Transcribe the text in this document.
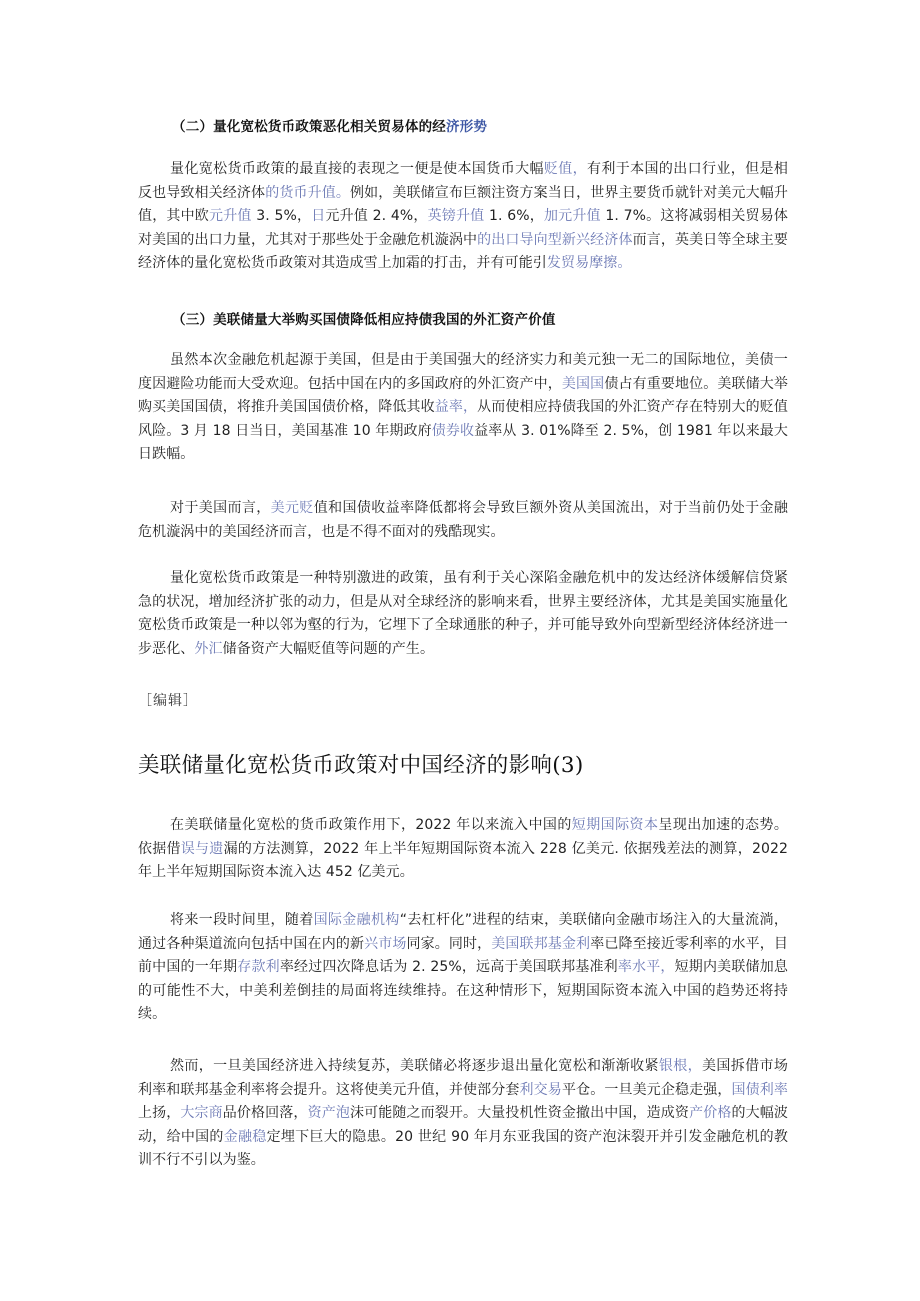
（二）量化宽松货币政策恶化相关贸易体的经济形势
量化宽松货币政策的最直接的表现之一便是使本国货币大幅贬值，有利于本国的出口行业，但是相反也导致相关经济体的货币升值。例如，美联储宣布巨额注资方案当日，世界主要货币就针对美元大幅升值，其中欧元升值 3. 5%，日元升值 2. 4%，英镑升值 1. 6%，加元升值 1. 7%。这将减弱相关贸易体对美国的出口力量，尤其对于那些处于金融危机漩涡中的出口导向型新兴经济体而言，英美日等全球主要经济体的量化宽松货币政策对其造成雪上加霜的打击，并有可能引发贸易摩擦。
（三）美联储量大举购买国债降低相应持债我国的外汇资产价值
虽然本次金融危机起源于美国，但是由于美国强大的经济实力和美元独一无二的国际地位，美债一度因避险功能而大受欢迎。包括中国在内的多国政府的外汇资产中，美国国债占有重要地位。美联储大举购买美国国债，将推升美国国债价格，降低其收益率，从而使相应持债我国的外汇资产存在特别大的贬值风险。3 月 18 日当日，美国基准 10 年期政府债券收益率从 3. 01%降至 2. 5%，创 1981 年以来最大日跌幅。
对于美国而言，美元贬值和国债收益率降低都将会导致巨额外资从美国流出，对于当前仍处于金融危机漩涡中的美国经济而言，也是不得不面对的残酷现实。
量化宽松货币政策是一种特别激进的政策，虽有利于关心深陷金融危机中的发达经济体缓解信贷紧急的状况，增加经济扩张的动力，但是从对全球经济的影响来看，世界主要经济体，尤其是美国实施量化宽松货币政策是一种以邻为壑的行为，它埋下了全球通胀的种子，并可能导致外向型新型经济体经济进一步恶化、外汇储备资产大幅贬值等问题的产生。
［编辑］
美联储量化宽松货币政策对中国经济的影响(3)
在美联储量化宽松的货币政策作用下，2022 年以来流入中国的短期国际资本呈现出加速的态势。依据借误与遗漏的方法测算，2022 年上半年短期国际资本流入 228 亿美元. 依据残差法的测算，2022 年上半年短期国际资本流入达 452 亿美元。
将来一段时间里，随着国际金融机构“去杠杆化”进程的结束，美联储向金融市场注入的大量流淌，通过各种渠道流向包括中国在内的新兴市场同家。同时，美国联邦基金利率已降至接近零利率的水平，目前中国的一年期存款利率经过四次降息话为 2. 25%，远高于美国联邦基准利率水平，短期内美联储加息的可能性不大，中美利差倒挂的局面将连续维持。在这种情形下，短期国际资本流入中国的趋势还将持续。
然而，一旦美国经济进入持续复苏，美联储必将逐步退出量化宽松和渐渐收紧银根，美国拆借市场利率和联邦基金利率将会提升。这将使美元升值，并使部分套利交易平仓。一旦美元企稳走强，国债利率上扬，大宗商品价格回落，资产泡沫可能随之而裂开。大量投机性资金撤出中国，造成资产价格的大幅波动，给中国的金融稳定埋下巨大的隐患。20 世纪 90 年月东亚我国的资产泡沫裂开并引发金融危机的教训不行不引以为鉴。
